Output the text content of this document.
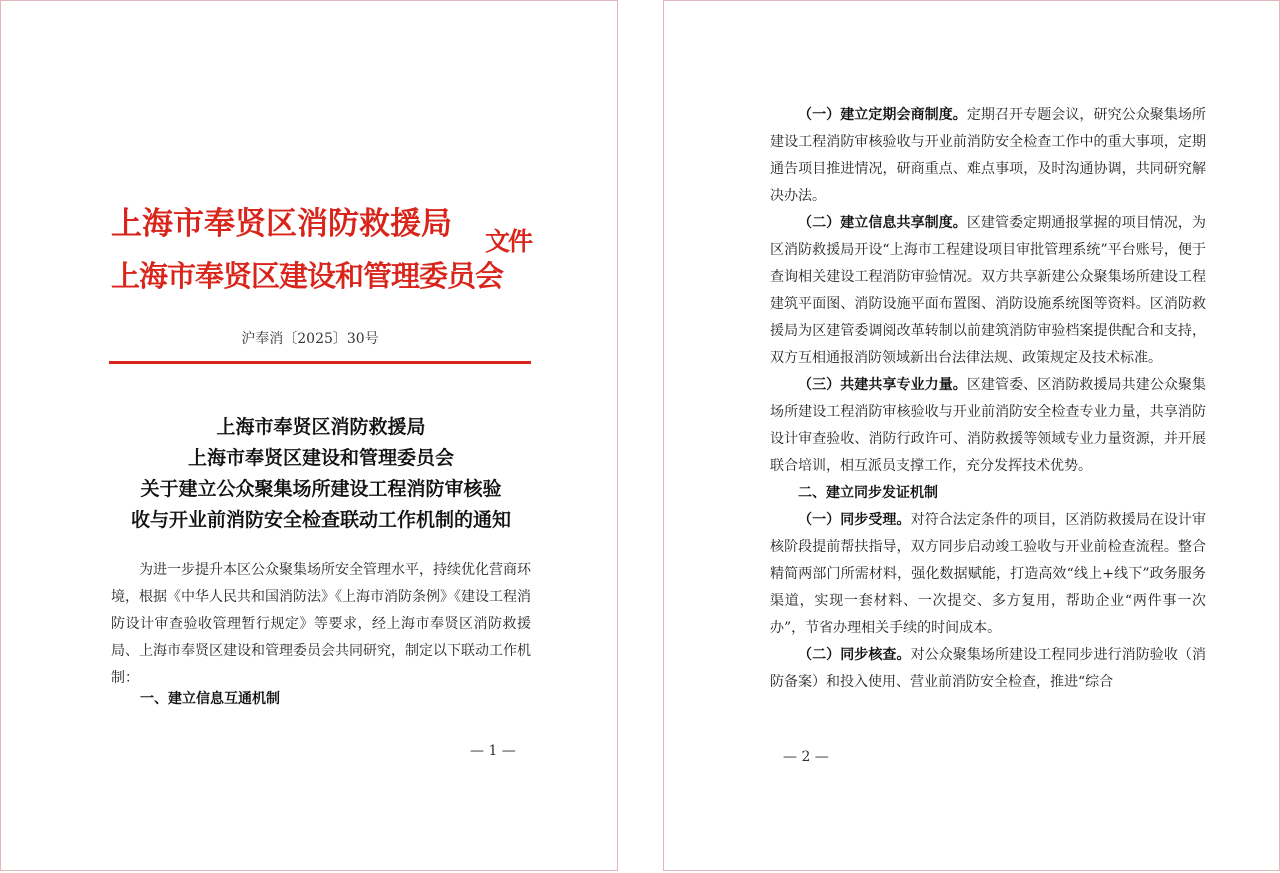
上海市奉贤区消防救援局
上海市奉贤区建设和管理委员会
文件
沪奉消〔2025〕30号
上海市奉贤区消防救援局
上海市奉贤区建设和管理委员会
关于建立公众聚集场所建设工程消防审核验
收与开业前消防安全检查联动工作机制的通知

为进一步提升本区公众聚集场所安全管理水平，持续优化营商环境，根据《中华人民共和国消防法》《上海市消防条例》《建设工程消防设计审查验收管理暂行规定》等要求，经上海市奉贤区消防救援局、上海市奉贤区建设和管理委员会共同研究，制定以下联动工作机制：

一、建立信息互通机制
— 1 —

（一）建立定期会商制度。定期召开专题会议，研究公众聚集场所建设工程消防审核验收与开业前消防安全检查工作中的重大事项，定期通告项目推进情况，研商重点、难点事项，及时沟通协调，共同研究解决办法。

（二）建立信息共享制度。区建管委定期通报掌握的项目情况，为区消防救援局开设“上海市工程建设项目审批管理系统”平台账号，便于查询相关建设工程消防审验情况。双方共享新建公众聚集场所建设工程建筑平面图、消防设施平面布置图、消防设施系统图等资料。区消防救援局为区建管委调阅改革转制以前建筑消防审验档案提供配合和支持，双方互相通报消防领域新出台法律法规、政策规定及技术标准。

（三）共建共享专业力量。区建管委、区消防救援局共建公众聚集场所建设工程消防审核验收与开业前消防安全检查专业力量，共享消防设计审查验收、消防行政许可、消防救援等领域专业力量资源，并开展联合培训，相互派员支撑工作，充分发挥技术优势。

二、建立同步发证机制

（一）同步受理。对符合法定条件的项目，区消防救援局在设计审核阶段提前帮扶指导，双方同步启动竣工验收与开业前检查流程。整合精简两部门所需材料，强化数据赋能，打造高效“线上+线下”政务服务渠道，实现一套材料、一次提交、多方复用，帮助企业“两件事一次办”，节省办理相关手续的时间成本。

（二）同步核查。对公众聚集场所建设工程同步进行消防验收（消防备案）和投入使用、营业前消防安全检查，推进“综合

— 2 —
